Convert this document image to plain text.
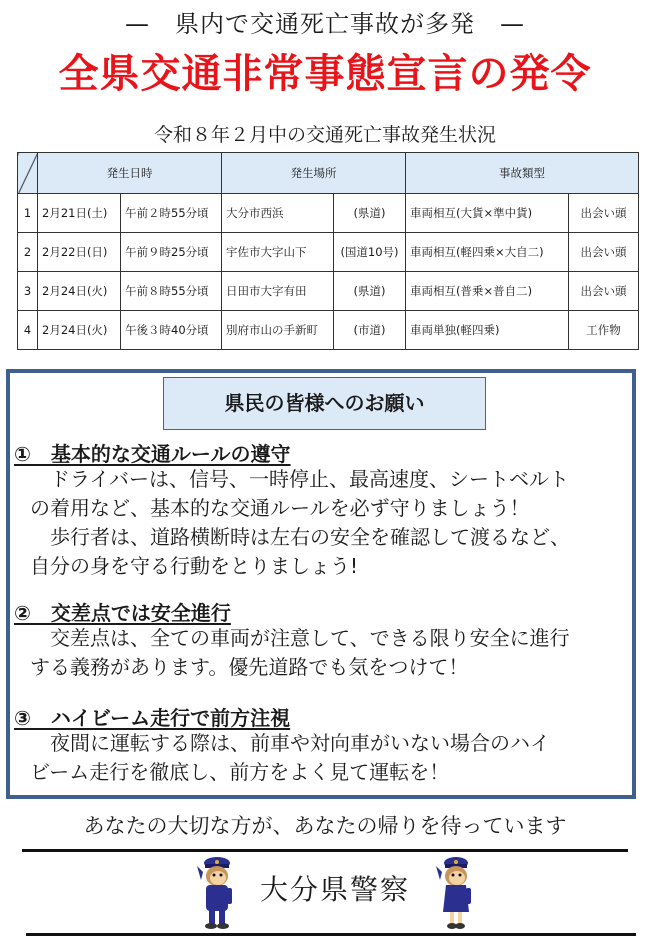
—　県内で交通死亡事故が多発　—
全県交通非常事態宣言の発令
令和８年２月中の交通死亡事故発生状況
	発生日時		発生場所		事故類型	
1	2月21日(土)	午前２時55分頃	大分市西浜	(県道)	車両相互(大貨×準中貨)	出会い頭
2	2月22日(日)	午前９時25分頃	宇佐市大字山下	(国道10号)	車両相互(軽四乗×大自二)	出会い頭
3	2月24日(火)	午前８時55分頃	日田市大字有田	(県道)	車両相互(普乗×普自二)	出会い頭
4	2月24日(火)	午後３時40分頃	別府市山の手新町	(市道)	車両単独(軽四乗)	工作物
県民の皆様へのお願い
①　基本的な交通ルールの遵守

　ドライバーは、信号、一時停止、最高速度、シートベルト

の着用など、基本的な交通ルールを必ず守りましょう！

　歩行者は、道路横断時は左右の安全を確認して渡るなど、

自分の身を守る行動をとりましょう!

②　交差点では安全進行

　交差点は、全ての車両が注意して、できる限り安全に進行

する義務があります。優先道路でも気をつけて！

③　ハイビーム走行で前方注視

　夜間に運転する際は、前車や対向車がいない場合のハイ

ビーム走行を徹底し、前方をよく見て運転を！

あなたの大切な方が、あなたの帰りを待っています
大分県警察
